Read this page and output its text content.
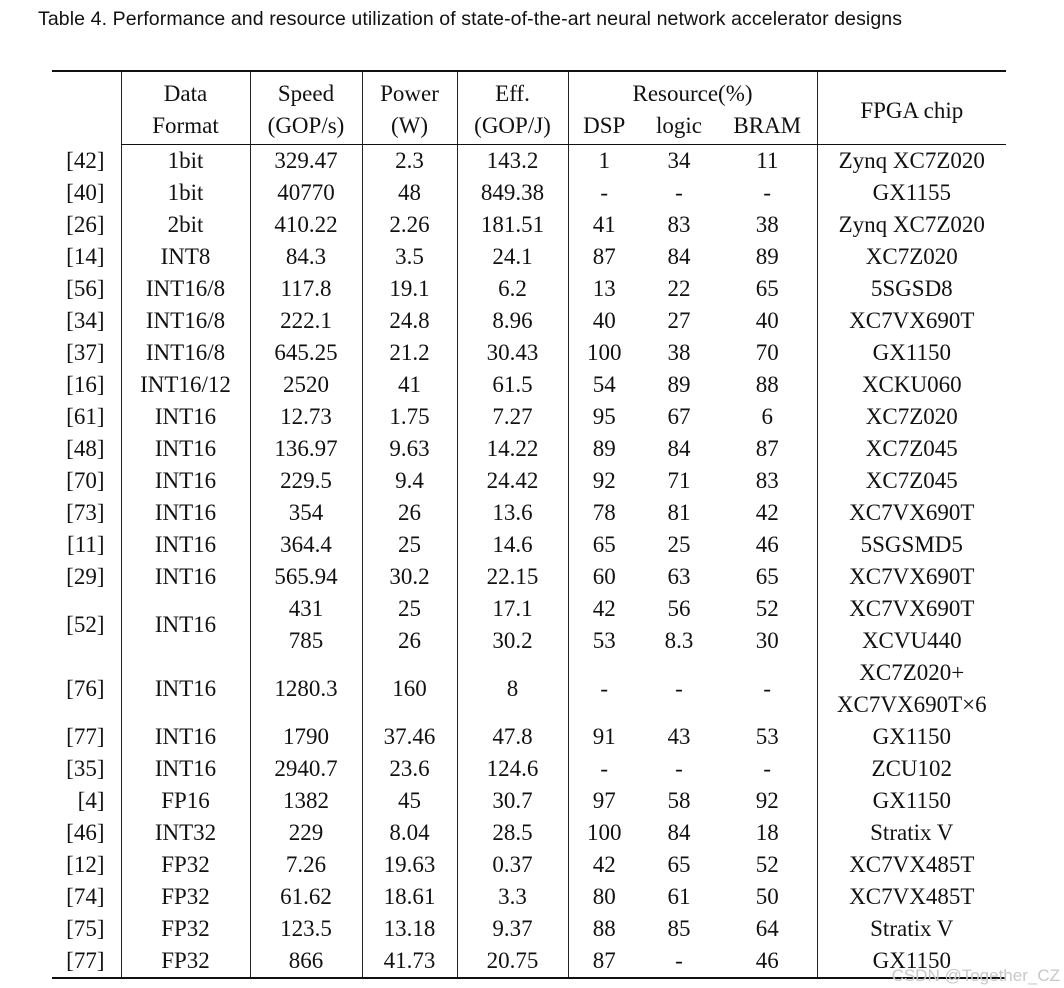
Table 4. Performance and resource utilization of state-of-the-art neural network accelerator designs
	Data	Speed	Power	Eff.	Resource(%)			FPGA chip
	Format	(GOP/s)	(W)	(GOP/J)	DSP	logic	BRAM	
[42]	1bit	329.47	2.3	143.2	1	34	11	Zynq XC7Z020

[40]	1bit	40770	48	849.38	-	-	-	GX1155

[26]	2bit	410.22	2.26	181.51	41	83	38	Zynq XC7Z020

[14]	INT8	84.3	3.5	24.1	87	84	89	XC7Z020

[56]	INT16/8	117.8	19.1	6.2	13	22	65	5SGSD8

[34]	INT16/8	222.1	24.8	8.96	40	27	40	XC7VX690T

[37]	INT16/8	645.25	21.2	30.43	100	38	70	GX1150

[16]	INT16/12	2520	41	61.5	54	89	88	XCKU060

[61]	INT16	12.73	1.75	7.27	95	67	6	XC7Z020

[48]	INT16	136.97	9.63	14.22	89	84	87	XC7Z045

[70]	INT16	229.5	9.4	24.42	92	71	83	XC7Z045

[73]	INT16	354	26	13.6	78	81	42	XC7VX690T

[11]	INT16	364.4	25	14.6	65	25	46	5SGSMD5

[29]	INT16	565.94	30.2	22.15	60	63	65	XC7VX690T

[52]	INT16	431	25	17.1	42	56	52	XC7VX690T

		785	26	30.2	53	8.3	30	XCVU440

[76]	INT16	1280.3	160	8	-	-	-	XC7Z020+
XC7VX690T×6

[77]	INT16	1790	37.46	47.8	91	43	53	GX1150

[35]	INT16	2940.7	23.6	124.6	-	-	-	ZCU102

[4]	FP16	1382	45	30.7	97	58	92	GX1150

[46]	INT32	229	8.04	28.5	100	84	18	Stratix V

[12]	FP32	7.26	19.63	0.37	42	65	52	XC7VX485T

[74]	FP32	61.62	18.61	3.3	80	61	50	XC7VX485T

[75]	FP32	123.5	13.18	9.37	88	85	64	Stratix V

[77]	FP32	866	41.73	20.75	87	-	46	GX1150
CSDN @Together_CZ
